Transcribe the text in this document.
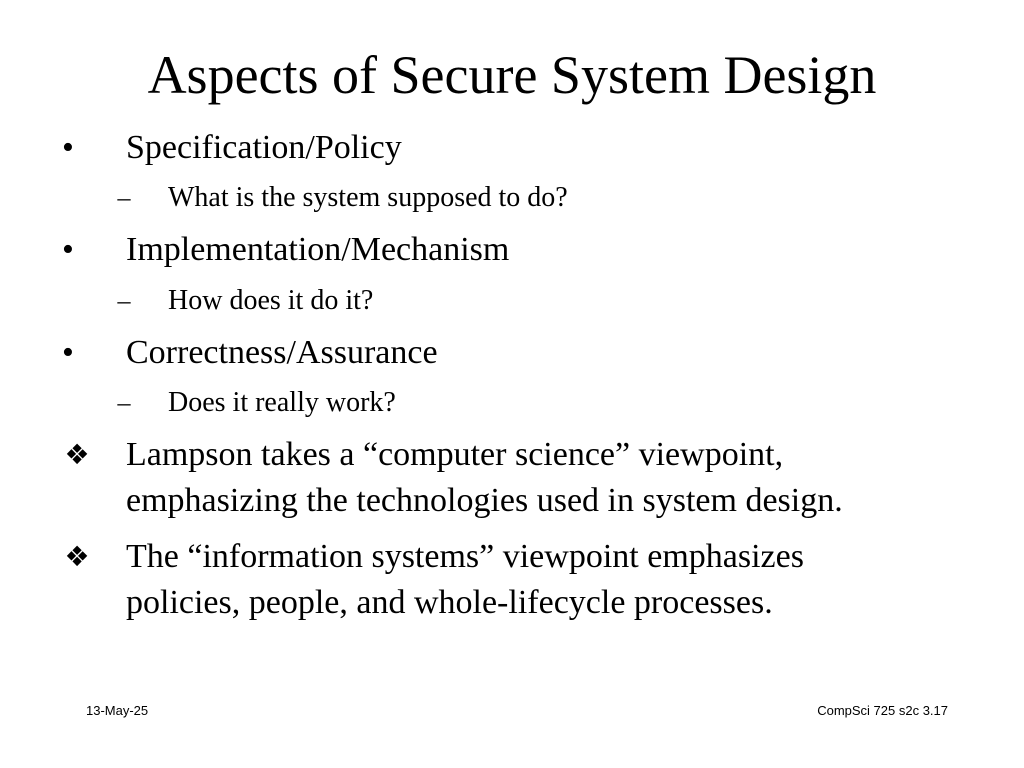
Aspects of Secure System Design
• Specification/Policy
– What is the system supposed to do?
• Implementation/Mechanism
– How does it do it?
• Correctness/Assurance
– Does it really work?
❖ Lampson takes a “computer science” viewpoint,
emphasizing the technologies used in system design.
❖ The “information systems” viewpoint emphasizes
policies, people, and whole-lifecycle processes.
13-May-25	CompSci 725 s2c 3.17
